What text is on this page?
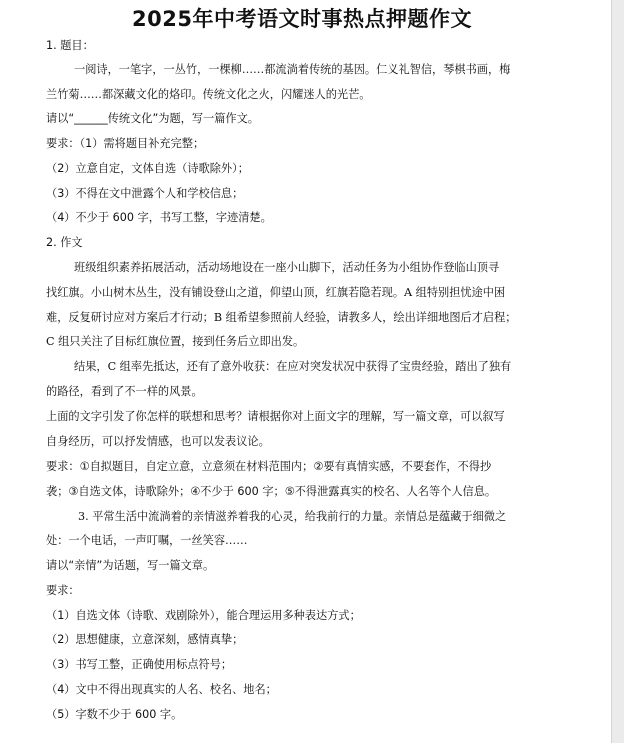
2025年中考语文时事热点押题作文
1. 题目：
一阅诗，一笔字，一丛竹，一棵柳……都流淌着传统的基因。仁义礼智信，琴棋书画，梅
兰竹菊……都深藏文化的烙印。传统文化之火，闪耀迷人的光芒。
请以“______传统文化”为题，写一篇作文。
要求：（1）需将题目补充完整；
（2）立意自定，文体自选（诗歌除外）；
（3）不得在文中泄露个人和学校信息；
（4）不少于 600 字，书写工整，字迹清楚。
2. 作文
班级组织素养拓展活动，活动场地设在一座小山脚下，活动任务为小组协作登临山顶寻
找红旗。小山树木丛生，没有铺设登山之道，仰望山顶，红旗若隐若现。A 组特别担忧途中困
难，反复研讨应对方案后才行动；B 组希望参照前人经验，请教多人，绘出详细地图后才启程；
C 组只关注了目标红旗位置，接到任务后立即出发。
结果，C 组率先抵达，还有了意外收获：在应对突发状况中获得了宝贵经验，踏出了独有
的路径，看到了不一样的风景。
上面的文字引发了你怎样的联想和思考？请根据你对上面文字的理解，写一篇文章，可以叙写
自身经历，可以抒发情感，也可以发表议论。
要求：①自拟题目，自定立意，立意须在材料范围内；②要有真情实感，不要套作，不得抄
袭；③自选文体，诗歌除外；④不少于 600 字；⑤不得泄露真实的校名、人名等个人信息。
3. 平常生活中流淌着的亲情滋养着我的心灵，给我前行的力量。亲情总是蕴藏于细微之
处：一个电话，一声叮嘱，一丝笑容……
请以“亲情”为话题，写一篇文章。
要求：
（1）自选文体（诗歌、戏剧除外），能合理运用多种表达方式；
（2）思想健康，立意深刻，感情真挚；
（3）书写工整，正确使用标点符号；
（4）文中不得出现真实的人名、校名、地名；
（5）字数不少于 600 字。
